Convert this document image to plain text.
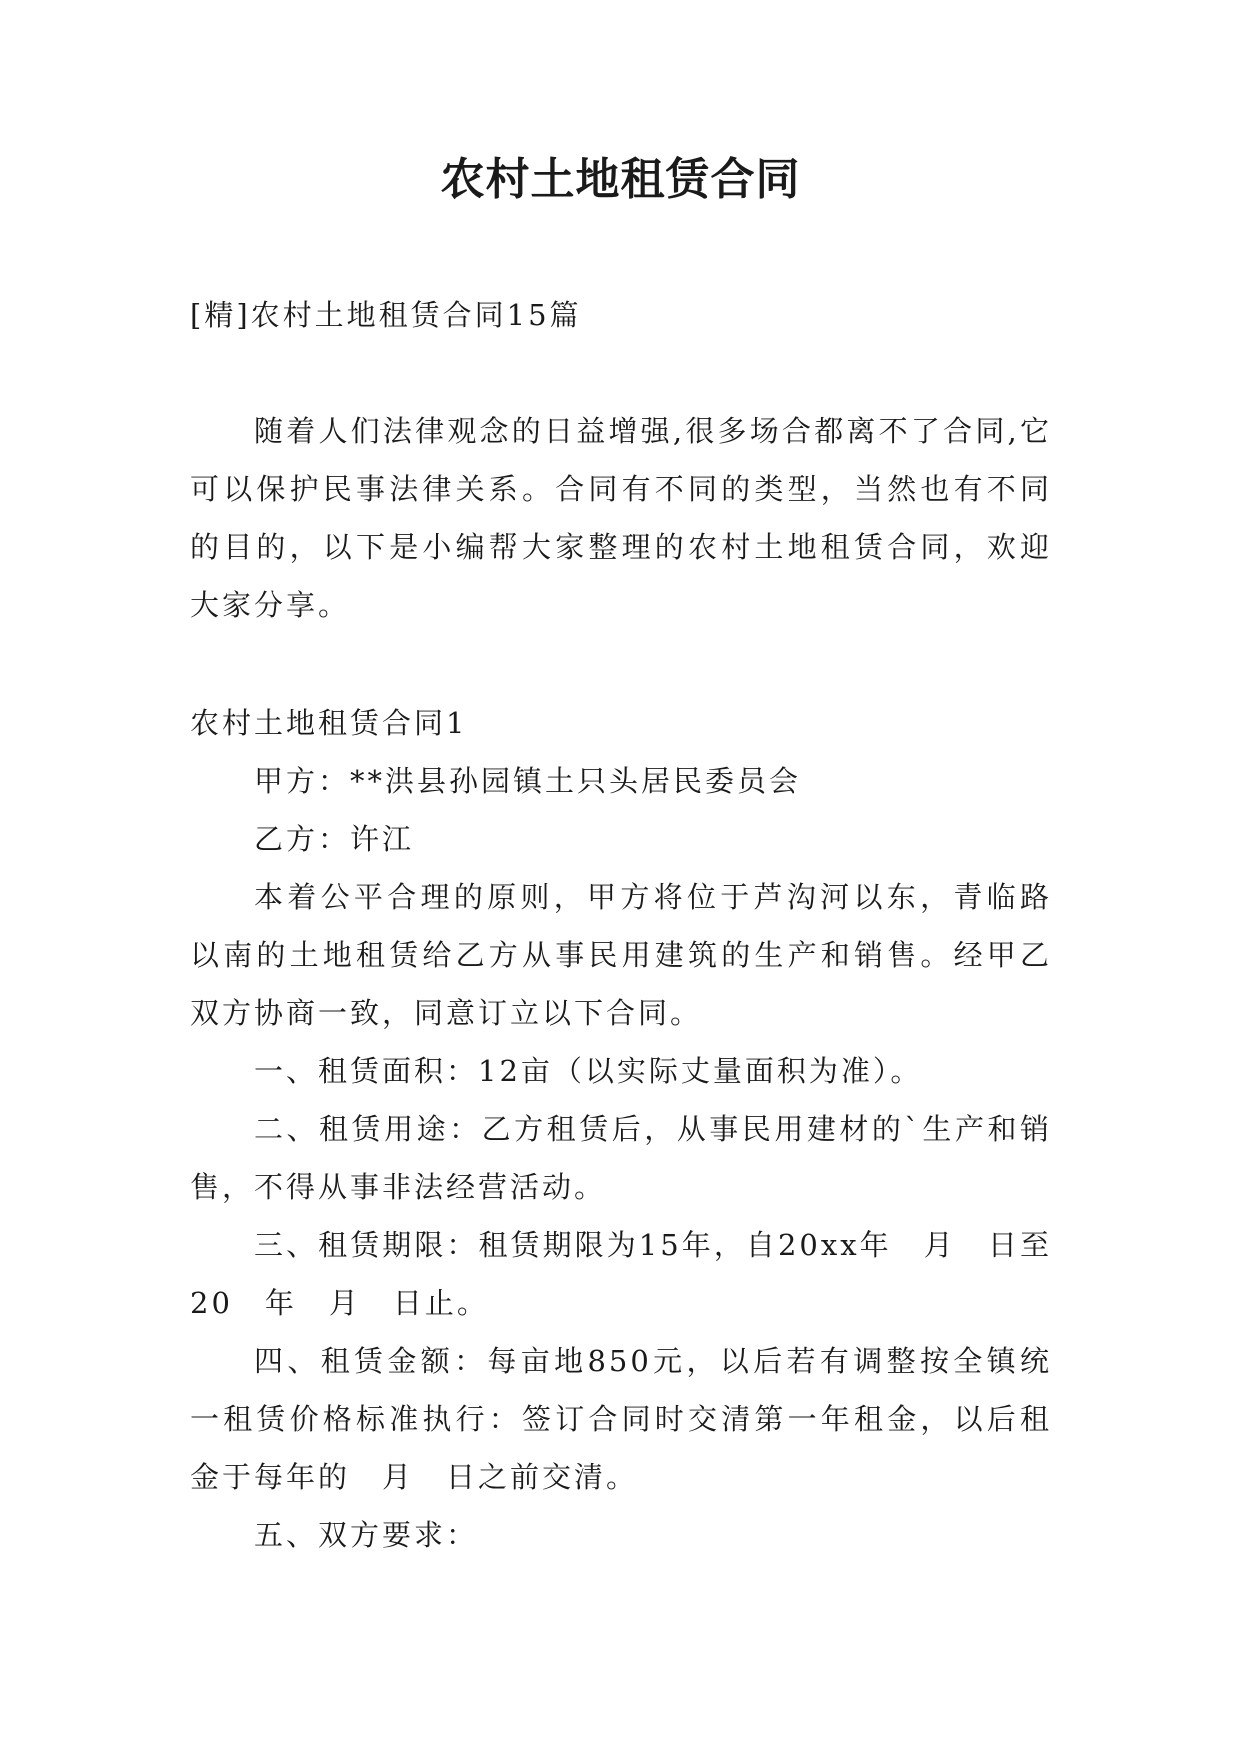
农村土地租赁合同

[精]农村土地租赁合同15篇

随着人们法律观念的日益增强,很多场合都离不了合同,它可以保护民事法律关系。合同有不同的类型，当然也有不同的目的，以下是小编帮大家整理的农村土地租赁合同，欢迎大家分享。

农村土地租赁合同1

甲方：**洪县孙园镇土只头居民委员会

乙方：许江

本着公平合理的原则，甲方将位于芦沟河以东，青临路以南的土地租赁给乙方从事民用建筑的生产和销售。经甲乙双方协商一致，同意订立以下合同。

一、租赁面积：12亩（以实际丈量面积为准）。

二、租赁用途：乙方租赁后，从事民用建材的`生产和销售，不得从事非法经营活动。

三、租赁期限：租赁期限为15年，自20xx年　月　日至20　年　月　日止。

四、租赁金额：每亩地850元，以后若有调整按全镇统一租赁价格标准执行：签订合同时交清第一年租金，以后租金于每年的　月　日之前交清。

五、双方要求：
